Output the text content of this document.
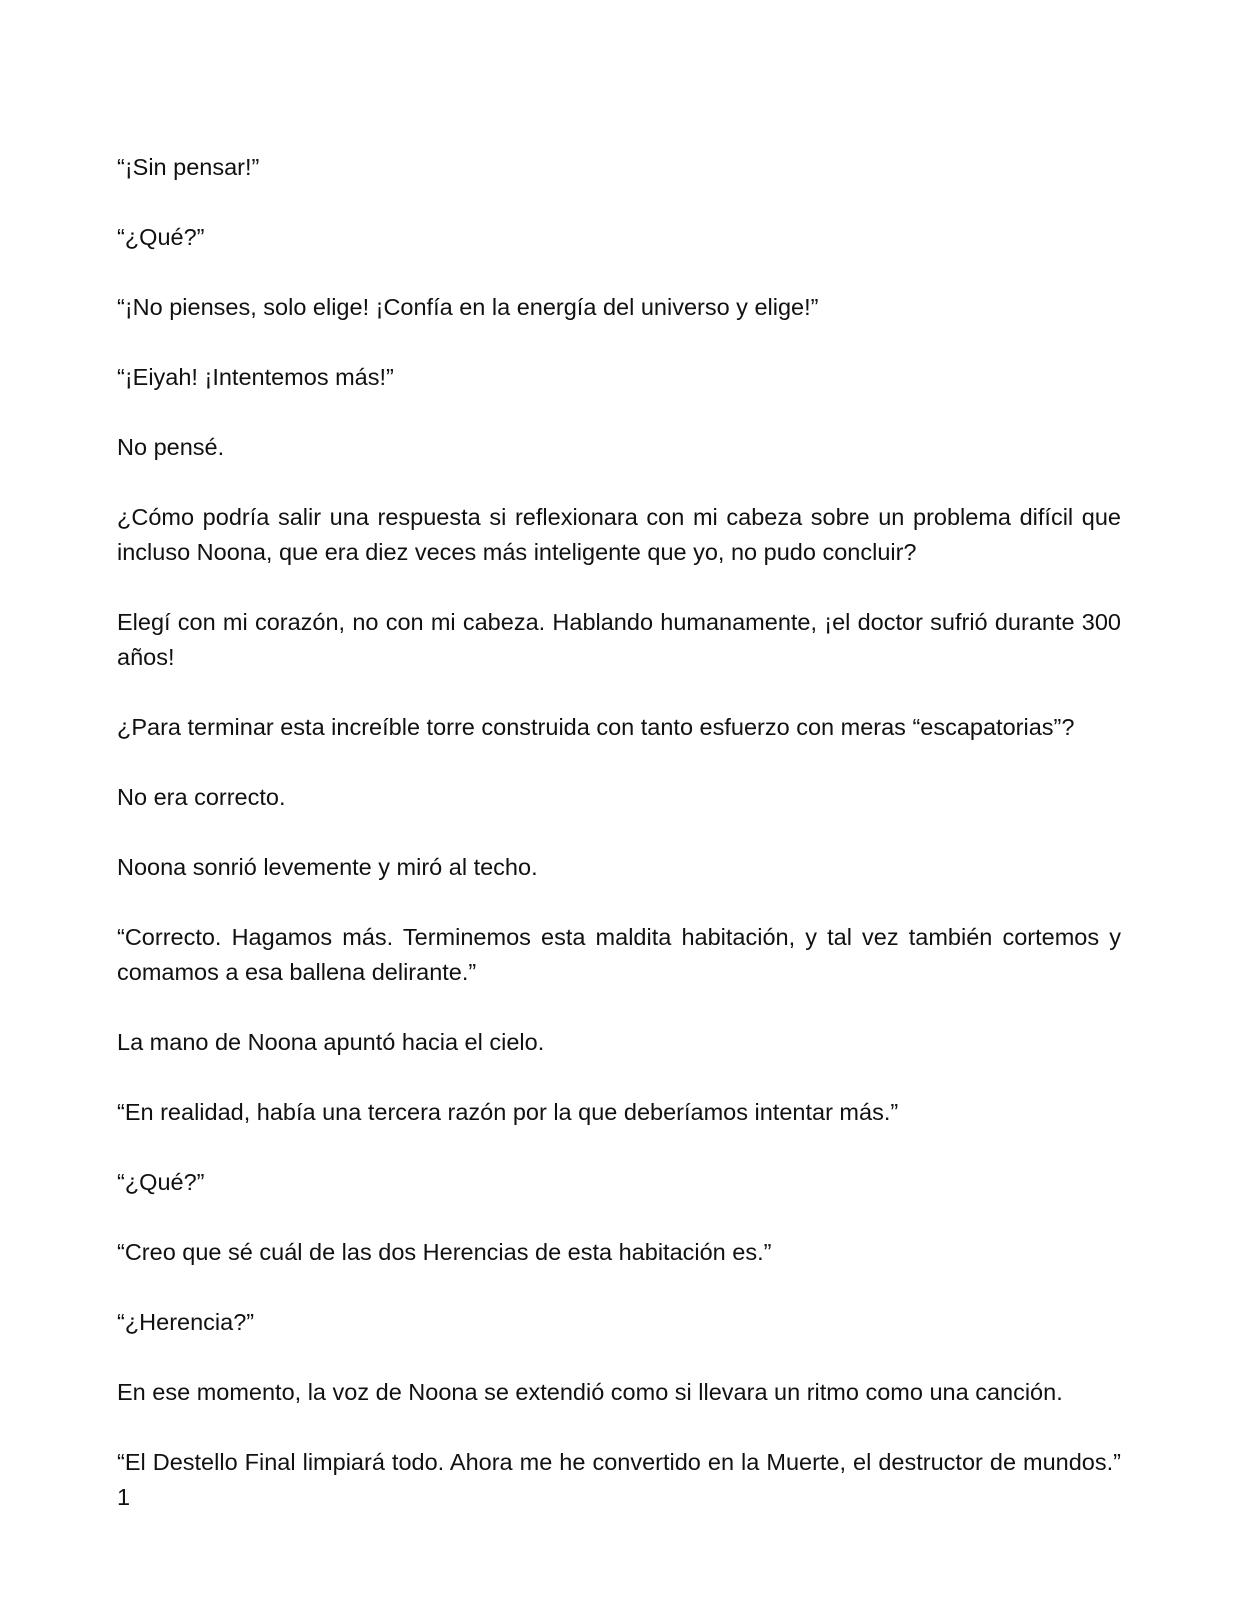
“¡Sin pensar!”

“¿Qué?”

“¡No pienses, solo elige! ¡Confía en la energía del universo y elige!”

“¡Eiyah! ¡Intentemos más!”

No pensé.

¿Cómo podría salir una respuesta si reflexionara con mi cabeza sobre un problema difícil que incluso Noona, que era diez veces más inteligente que yo, no pudo concluir?

Elegí con mi corazón, no con mi cabeza. Hablando humanamente, ¡el doctor sufrió durante 300 años!

¿Para terminar esta increíble torre construida con tanto esfuerzo con meras “escapatorias”?

No era correcto.

Noona sonrió levemente y miró al techo.

“Correcto. Hagamos más. Terminemos esta maldita habitación, y tal vez también cortemos y comamos a esa ballena delirante.”

La mano de Noona apuntó hacia el cielo.

“En realidad, había una tercera razón por la que deberíamos intentar más.”

“¿Qué?”

“Creo que sé cuál de las dos Herencias de esta habitación es.”

“¿Herencia?”

En ese momento, la voz de Noona se extendió como si llevara un ritmo como una canción.

“El Destello Final limpiará todo. Ahora me he convertido en la Muerte, el destructor de mundos.” 1
